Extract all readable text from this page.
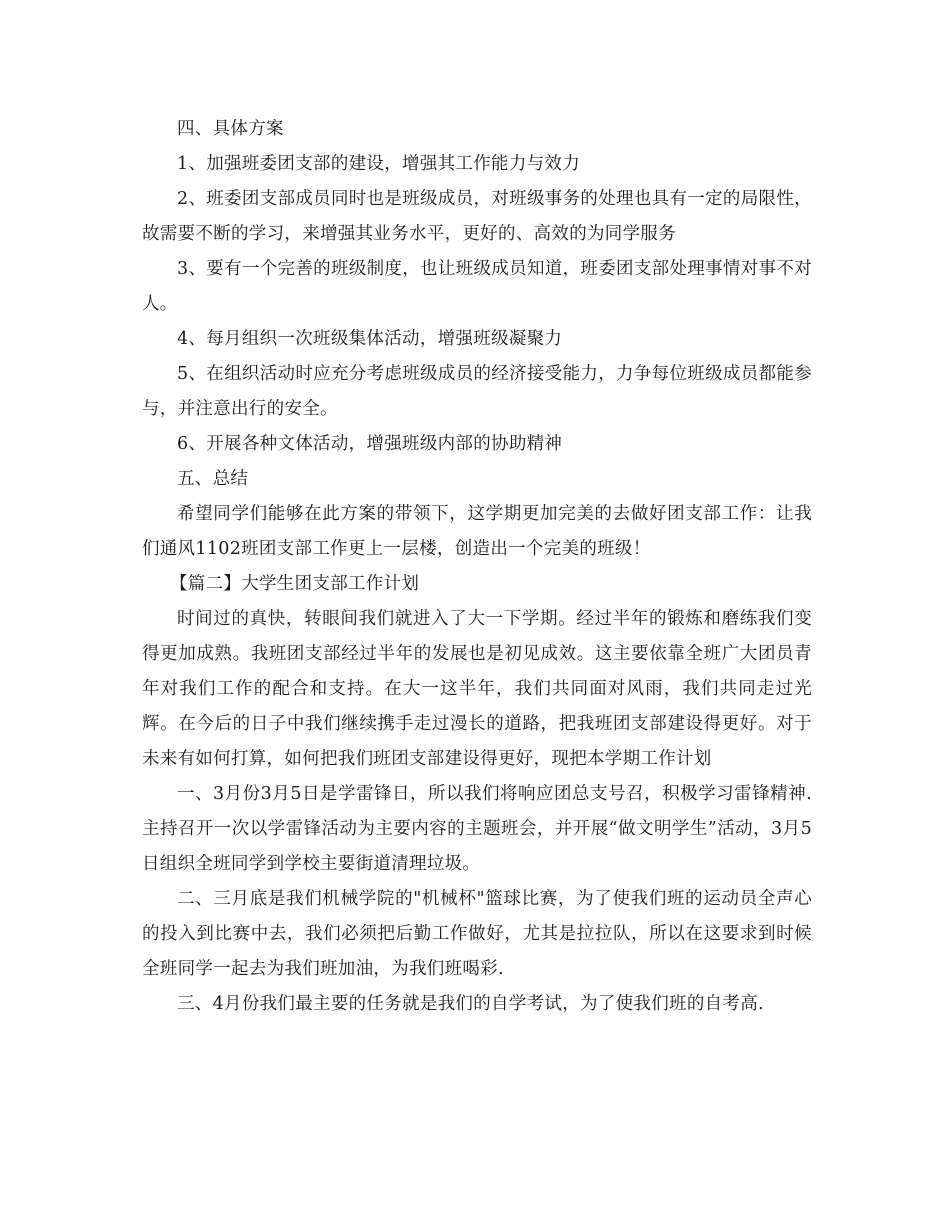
四、具体方案

1、加强班委团支部的建设，增强其工作能力与效力

2、班委团支部成员同时也是班级成员，对班级事务的处理也具有一定的局限性，故需要不断的学习，来增强其业务水平，更好的、高效的为同学服务

3、要有一个完善的班级制度，也让班级成员知道，班委团支部处理事情对事不对人。

4、每月组织一次班级集体活动，增强班级凝聚力

5、在组织活动时应充分考虑班级成员的经济接受能力，力争每位班级成员都能参与，并注意出行的安全。

6、开展各种文体活动，增强班级内部的协助精神

五、总结

希望同学们能够在此方案的带领下，这学期更加完美的去做好团支部工作：让我们通风1102班团支部工作更上一层楼，创造出一个完美的班级！

【篇二】大学生团支部工作计划

时间过的真快，转眼间我们就进入了大一下学期。经过半年的锻炼和磨练我们变得更加成熟。我班团支部经过半年的发展也是初见成效。这主要依靠全班广大团员青年对我们工作的配合和支持。在大一这半年，我们共同面对风雨，我们共同走过光辉。在今后的日子中我们继续携手走过漫长的道路，把我班团支部建设得更好。对于未来有如何打算，如何把我们班团支部建设得更好，现把本学期工作计划

一、3月份3月5日是学雷锋日，所以我们将响应团总支号召，积极学习雷锋精神.主持召开一次以学雷锋活动为主要内容的主题班会，并开展“做文明学生”活动，3月5日组织全班同学到学校主要街道清理垃圾。

二、三月底是我们机械学院的"机械杯"篮球比赛，为了使我们班的运动员全声心的投入到比赛中去，我们必须把后勤工作做好，尤其是拉拉队，所以在这要求到时候全班同学一起去为我们班加油，为我们班喝彩.

三、4月份我们最主要的任务就是我们的自学考试，为了使我们班的自考高.
